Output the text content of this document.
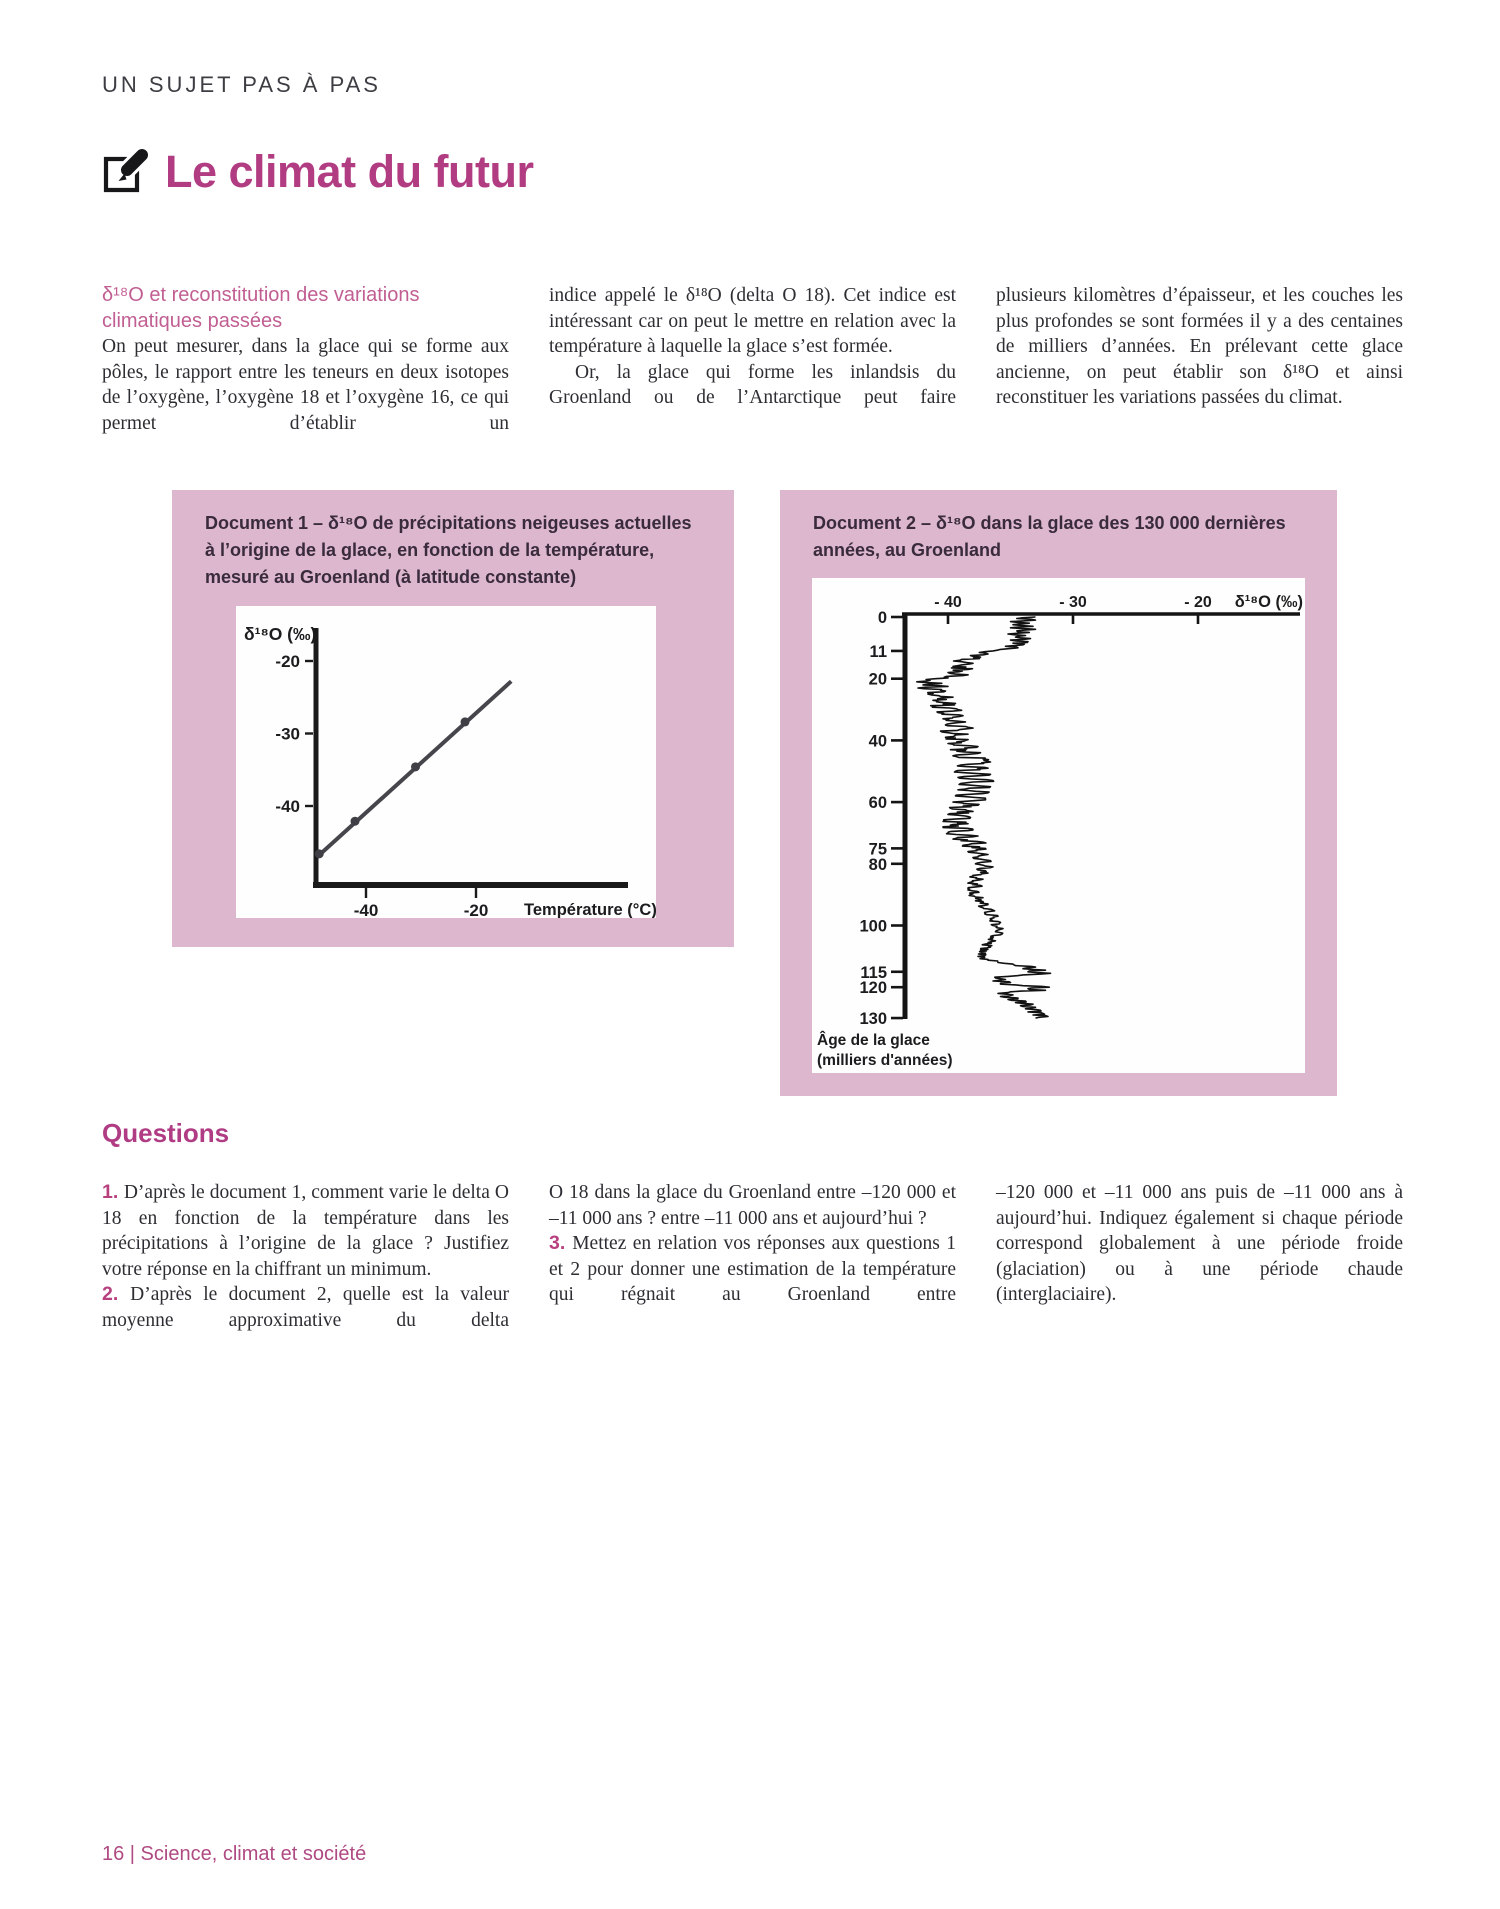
UN SUJET PAS À PAS
Le climat du futur

δ¹⁸O et reconstitution des variations climatiques passées

On peut mesurer, dans la glace qui se forme aux pôles, le rapport entre les teneurs en deux isotopes de l’oxygène, l’oxygène 18 et l’oxygène 16, ce qui permet d’établir un

indice appelé le δ¹⁸O (delta O 18). Cet indice est intéressant car on peut le mettre en relation avec la température à laquelle la glace s’est formée.

Or, la glace qui forme les inlandsis du Groenland ou de l’Antarctique peut faire

plusieurs kilomètres d’épaisseur, et les couches les plus profondes se sont formées il y a des centaines de milliers d’années. En prélevant cette glace ancienne, on peut établir son δ¹⁸O et ainsi reconstituer les variations passées du climat.

Document 1 – δ¹⁸O de précipitations neigeuses actuelles à l’origine de la glace, en fonction de la température, mesuré au Groenland (à latitude constante)
δ¹⁸O (‰)
-20
-30
-40
-40	-20 Température (°C)
Document 2 – δ¹⁸O dans la glace des 130 000 dernières années, au Groenland
- 40	- 30	- 20 δ¹⁸O (‰)
0
11
20
40
60
75
80
100
115
120
130
Âge de la glace
(milliers d'années)
Questions
1. D’après le document 1, comment varie le delta O 18 en fonction de la température dans les précipitations à l’origine de la glace ? Justifiez votre réponse en la chiffrant un minimum.
2. D’après le document 2, quelle est la valeur moyenne approximative du delta
O 18 dans la glace du Groenland entre –120 000 et –11 000 ans ? entre –11 000 ans et aujourd’hui ?
3. Mettez en relation vos réponses aux questions 1 et 2 pour donner une estimation de la température qui régnait au Groenland entre
–120 000 et –11 000 ans puis de –11 000 ans à aujourd’hui. Indiquez également si chaque période correspond globalement à une période froide (glaciation) ou à une période chaude (interglaciaire).
16 | Science, climat et société
